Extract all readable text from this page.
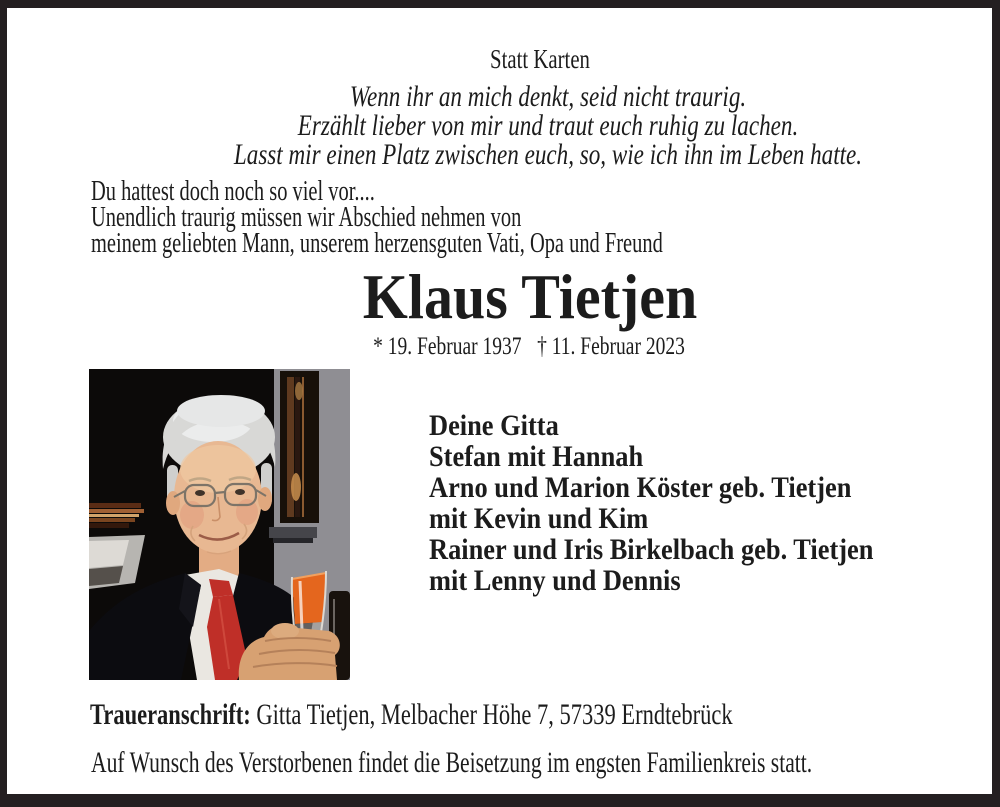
Statt Karten
Wenn ihr an mich denkt, seid nicht traurig.
Erzählt lieber von mir und traut euch ruhig zu lachen.
Lasst mir einen Platz zwischen euch, so, wie ich ihn im Leben hatte.
Du hattest doch noch so viel vor....
Unendlich traurig müssen wir Abschied nehmen von
meinem geliebten Mann, unserem herzensguten Vati, Opa und Freund
Klaus Tietjen
* 19. Februar 1937 † 11. Februar 2023
Deine Gitta
Stefan mit Hannah
Arno und Marion Köster geb. Tietjen
mit Kevin und Kim
Rainer und Iris Birkelbach geb. Tietjen
mit Lenny und Dennis
Traueranschrift: Gitta Tietjen, Melbacher Höhe 7, 57339 Erndtebrück
Auf Wunsch des Verstorbenen findet die Beisetzung im engsten Familienkreis statt.
